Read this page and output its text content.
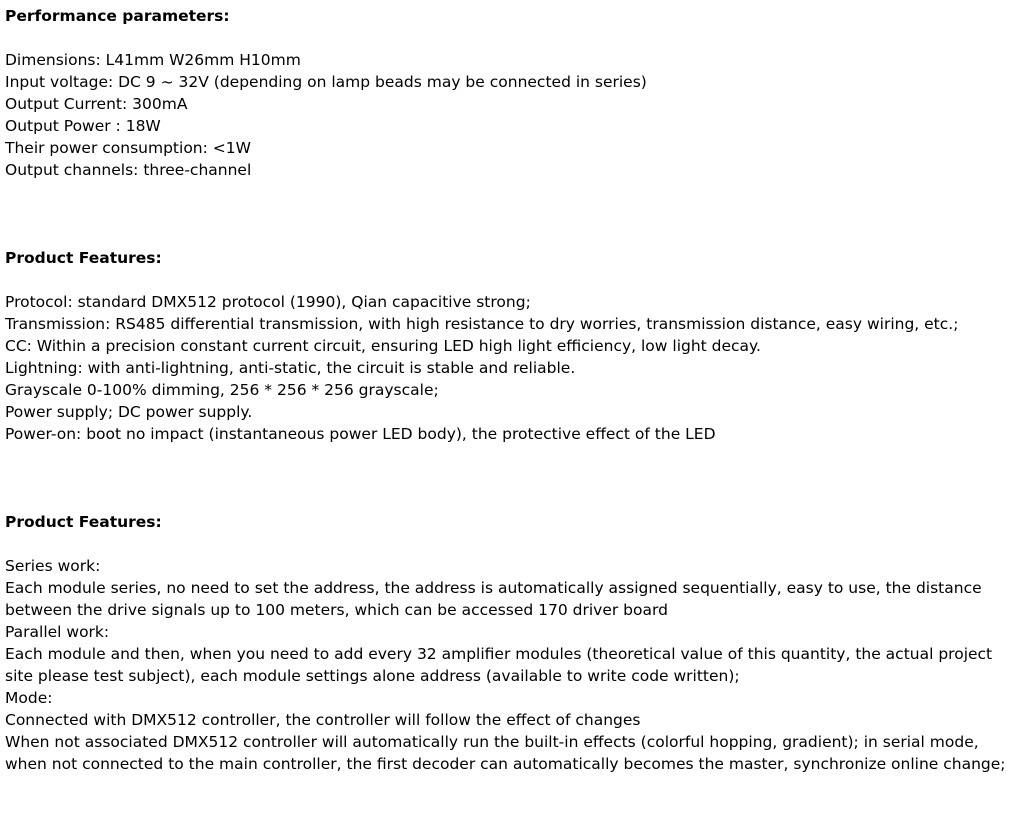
Performance parameters:

Dimensions: L41mm W26mm H10mm

Input voltage: DC 9 ~ 32V (depending on lamp beads may be connected in series)

Output Current: 300mA

Output Power : 18W

Their power consumption: <1W

Output channels: three-channel

Product Features:

Protocol: standard DMX512 protocol (1990), Qian capacitive strong;

Transmission: RS485 differential transmission, with high resistance to dry worries, transmission distance, easy wiring, etc.;

CC: Within a precision constant current circuit, ensuring LED high light efficiency, low light decay.

Lightning: with anti-lightning, anti-static, the circuit is stable and reliable.

Grayscale 0-100% dimming, 256 * 256 * 256 grayscale;

Power supply; DC power supply.

Power-on: boot no impact (instantaneous power LED body), the protective effect of the LED

Product Features:

Series work:

Each module series, no need to set the address, the address is automatically assigned sequentially, easy to use, the distance between the drive signals up to 100 meters, which can be accessed 170 driver board

Parallel work:

Each module and then, when you need to add every 32 amplifier modules (theoretical value of this quantity, the actual project site please test subject), each module settings alone address (available to write code written);

Mode:

Connected with DMX512 controller, the controller will follow the effect of changes

When not associated DMX512 controller will automatically run the built-in effects (colorful hopping, gradient); in serial mode, when not connected to the main controller, the first decoder can automatically becomes the master, synchronize online change;
